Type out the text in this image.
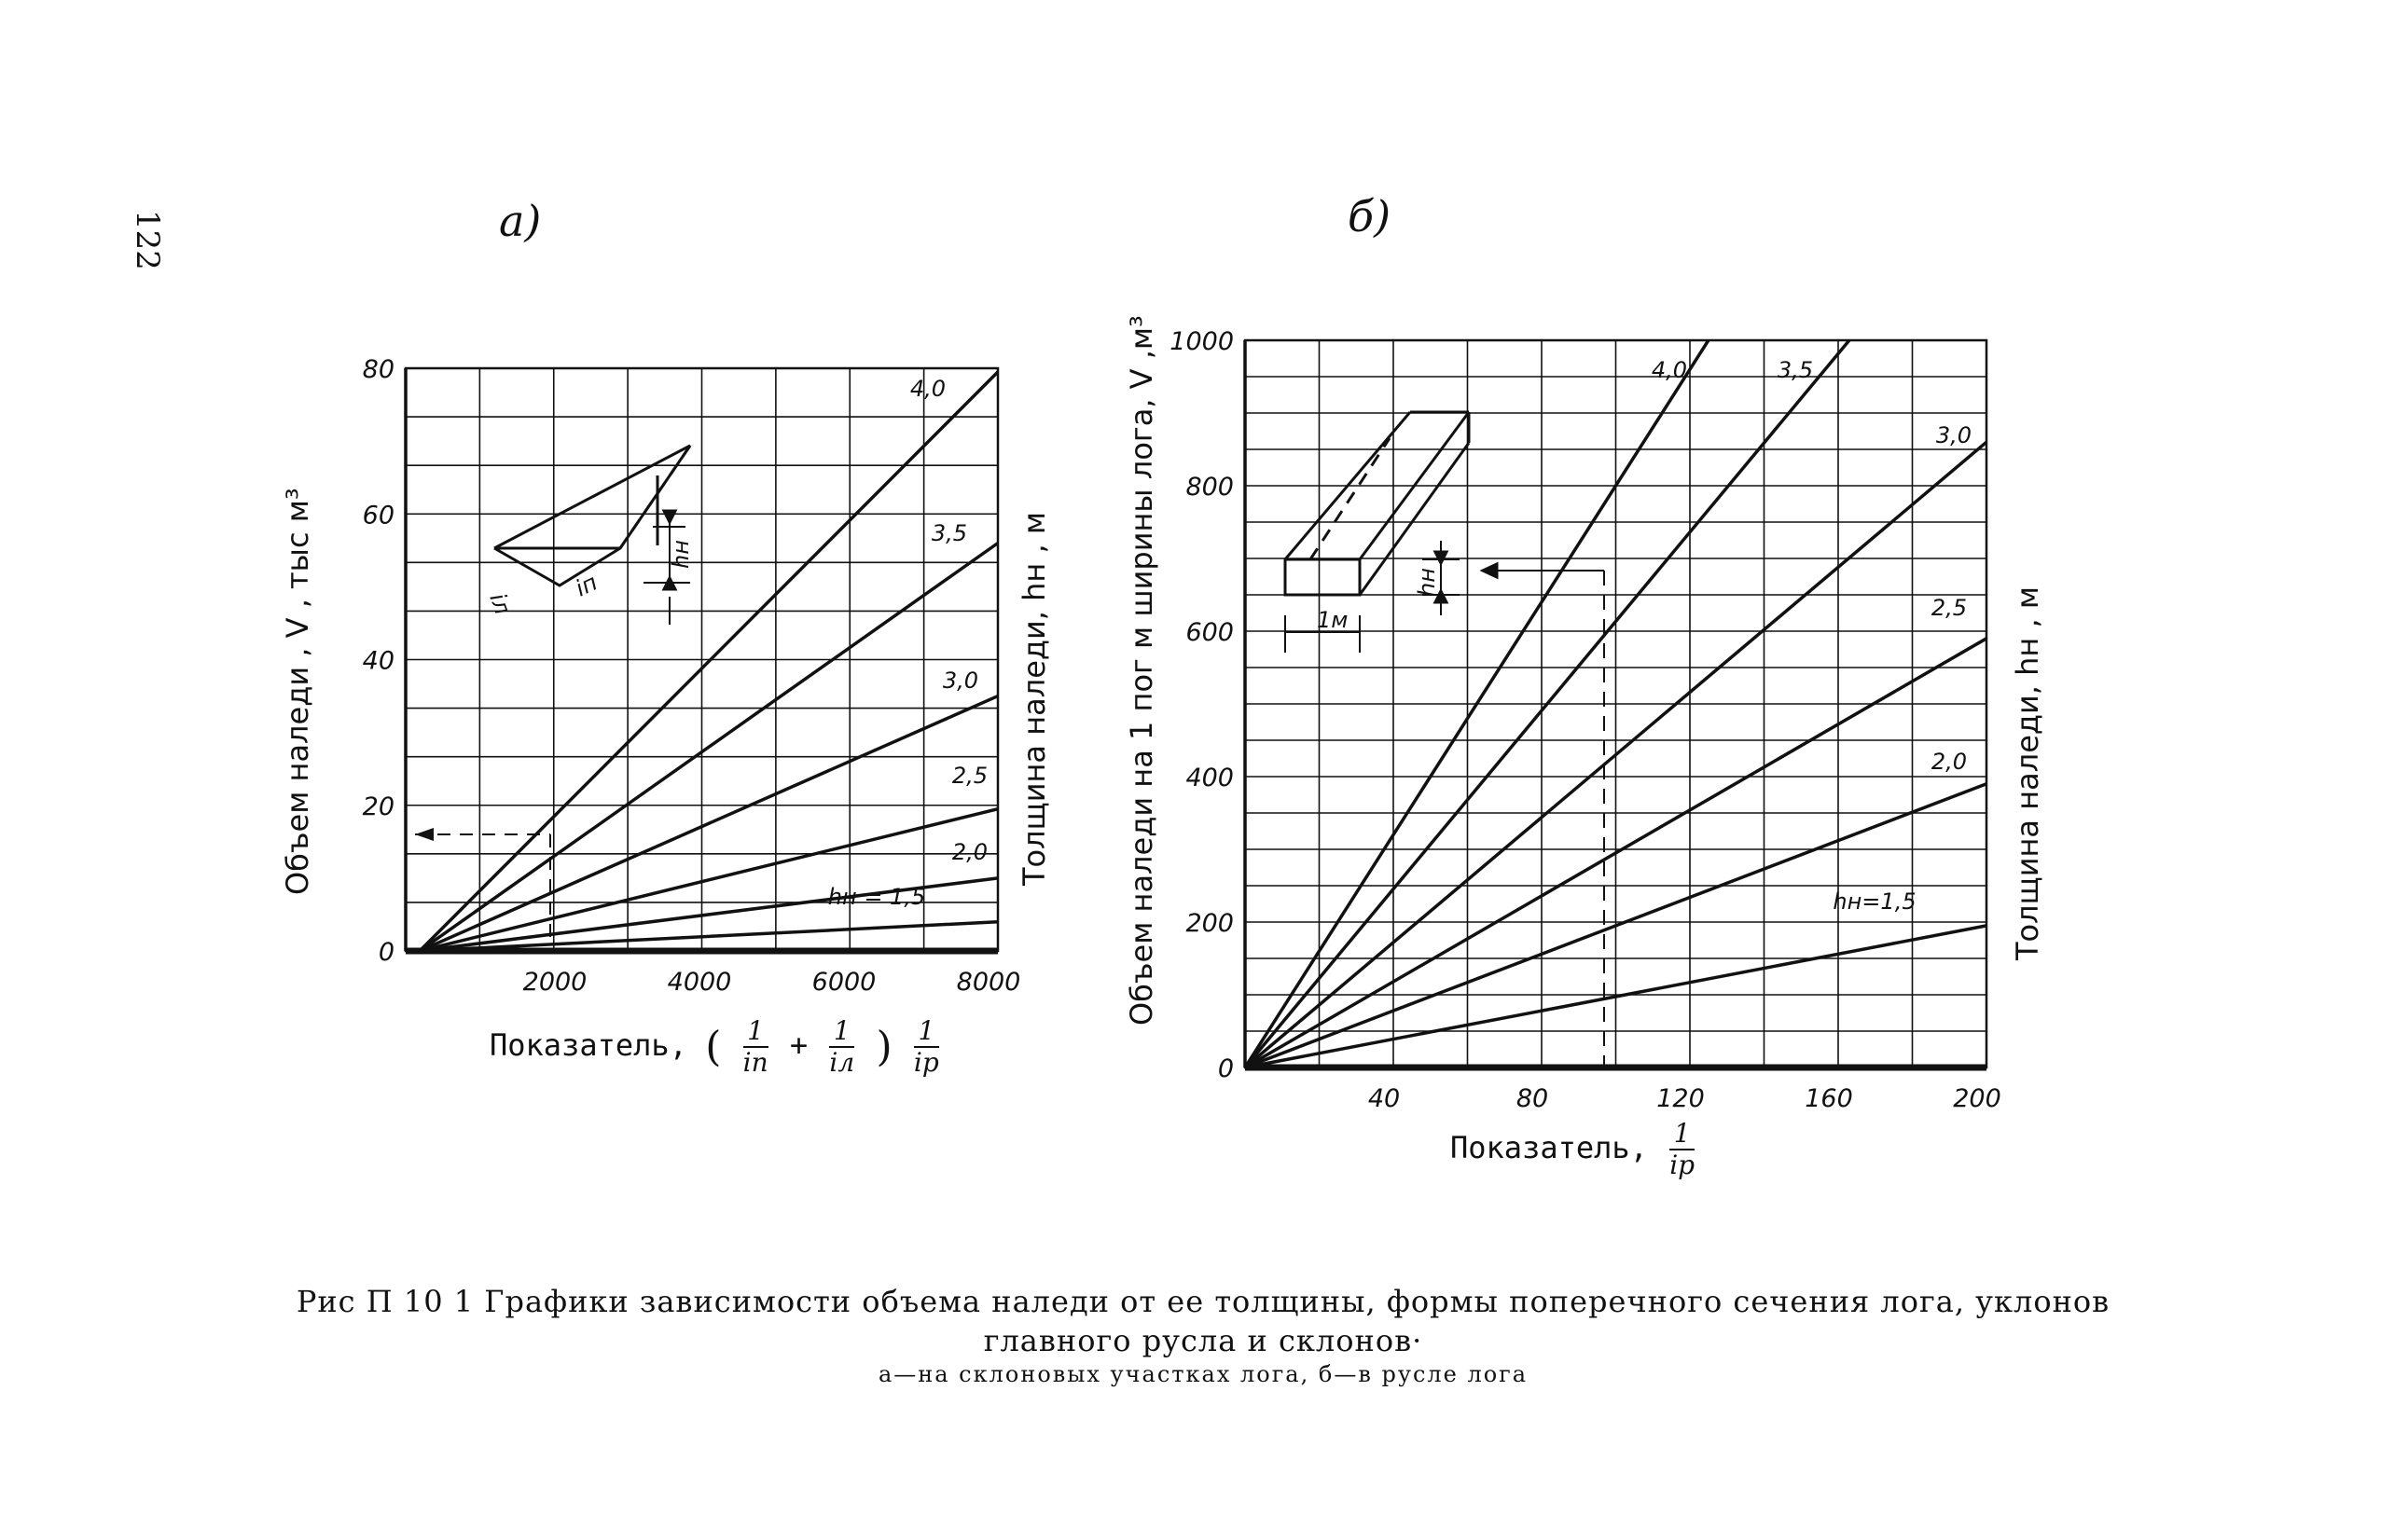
122	а)
Объем наледи , V , тыс м³	Толщина наледи, hн , м
Показатель, ( $\frac{1}{iп} + \frac{1}{iл}$ ) $\frac{1}{ip}$
б)
Объем наледи на 1 пог м ширины лога, V ,м³	Толщина наледи, hн , м
Показатель, $\frac{1}{ip}$
iл
iп
hн
1м
hн
0
20
40
60
80
2000	4000	6000	8000
4,0
3,5
3,0
2,5
2,0
hн = 1,5
0
200
400
600
800
1000
40	80	120	160	200
4,0	3,5
3,0
2,5
2,0
hн=1,5
Рис П 10 1 Графики зависимости объема наледи от ее толщины, формы поперечного сечения лога, уклонов главного русла и склонов·
а—на склоновых участках лога, б—в русле лога
